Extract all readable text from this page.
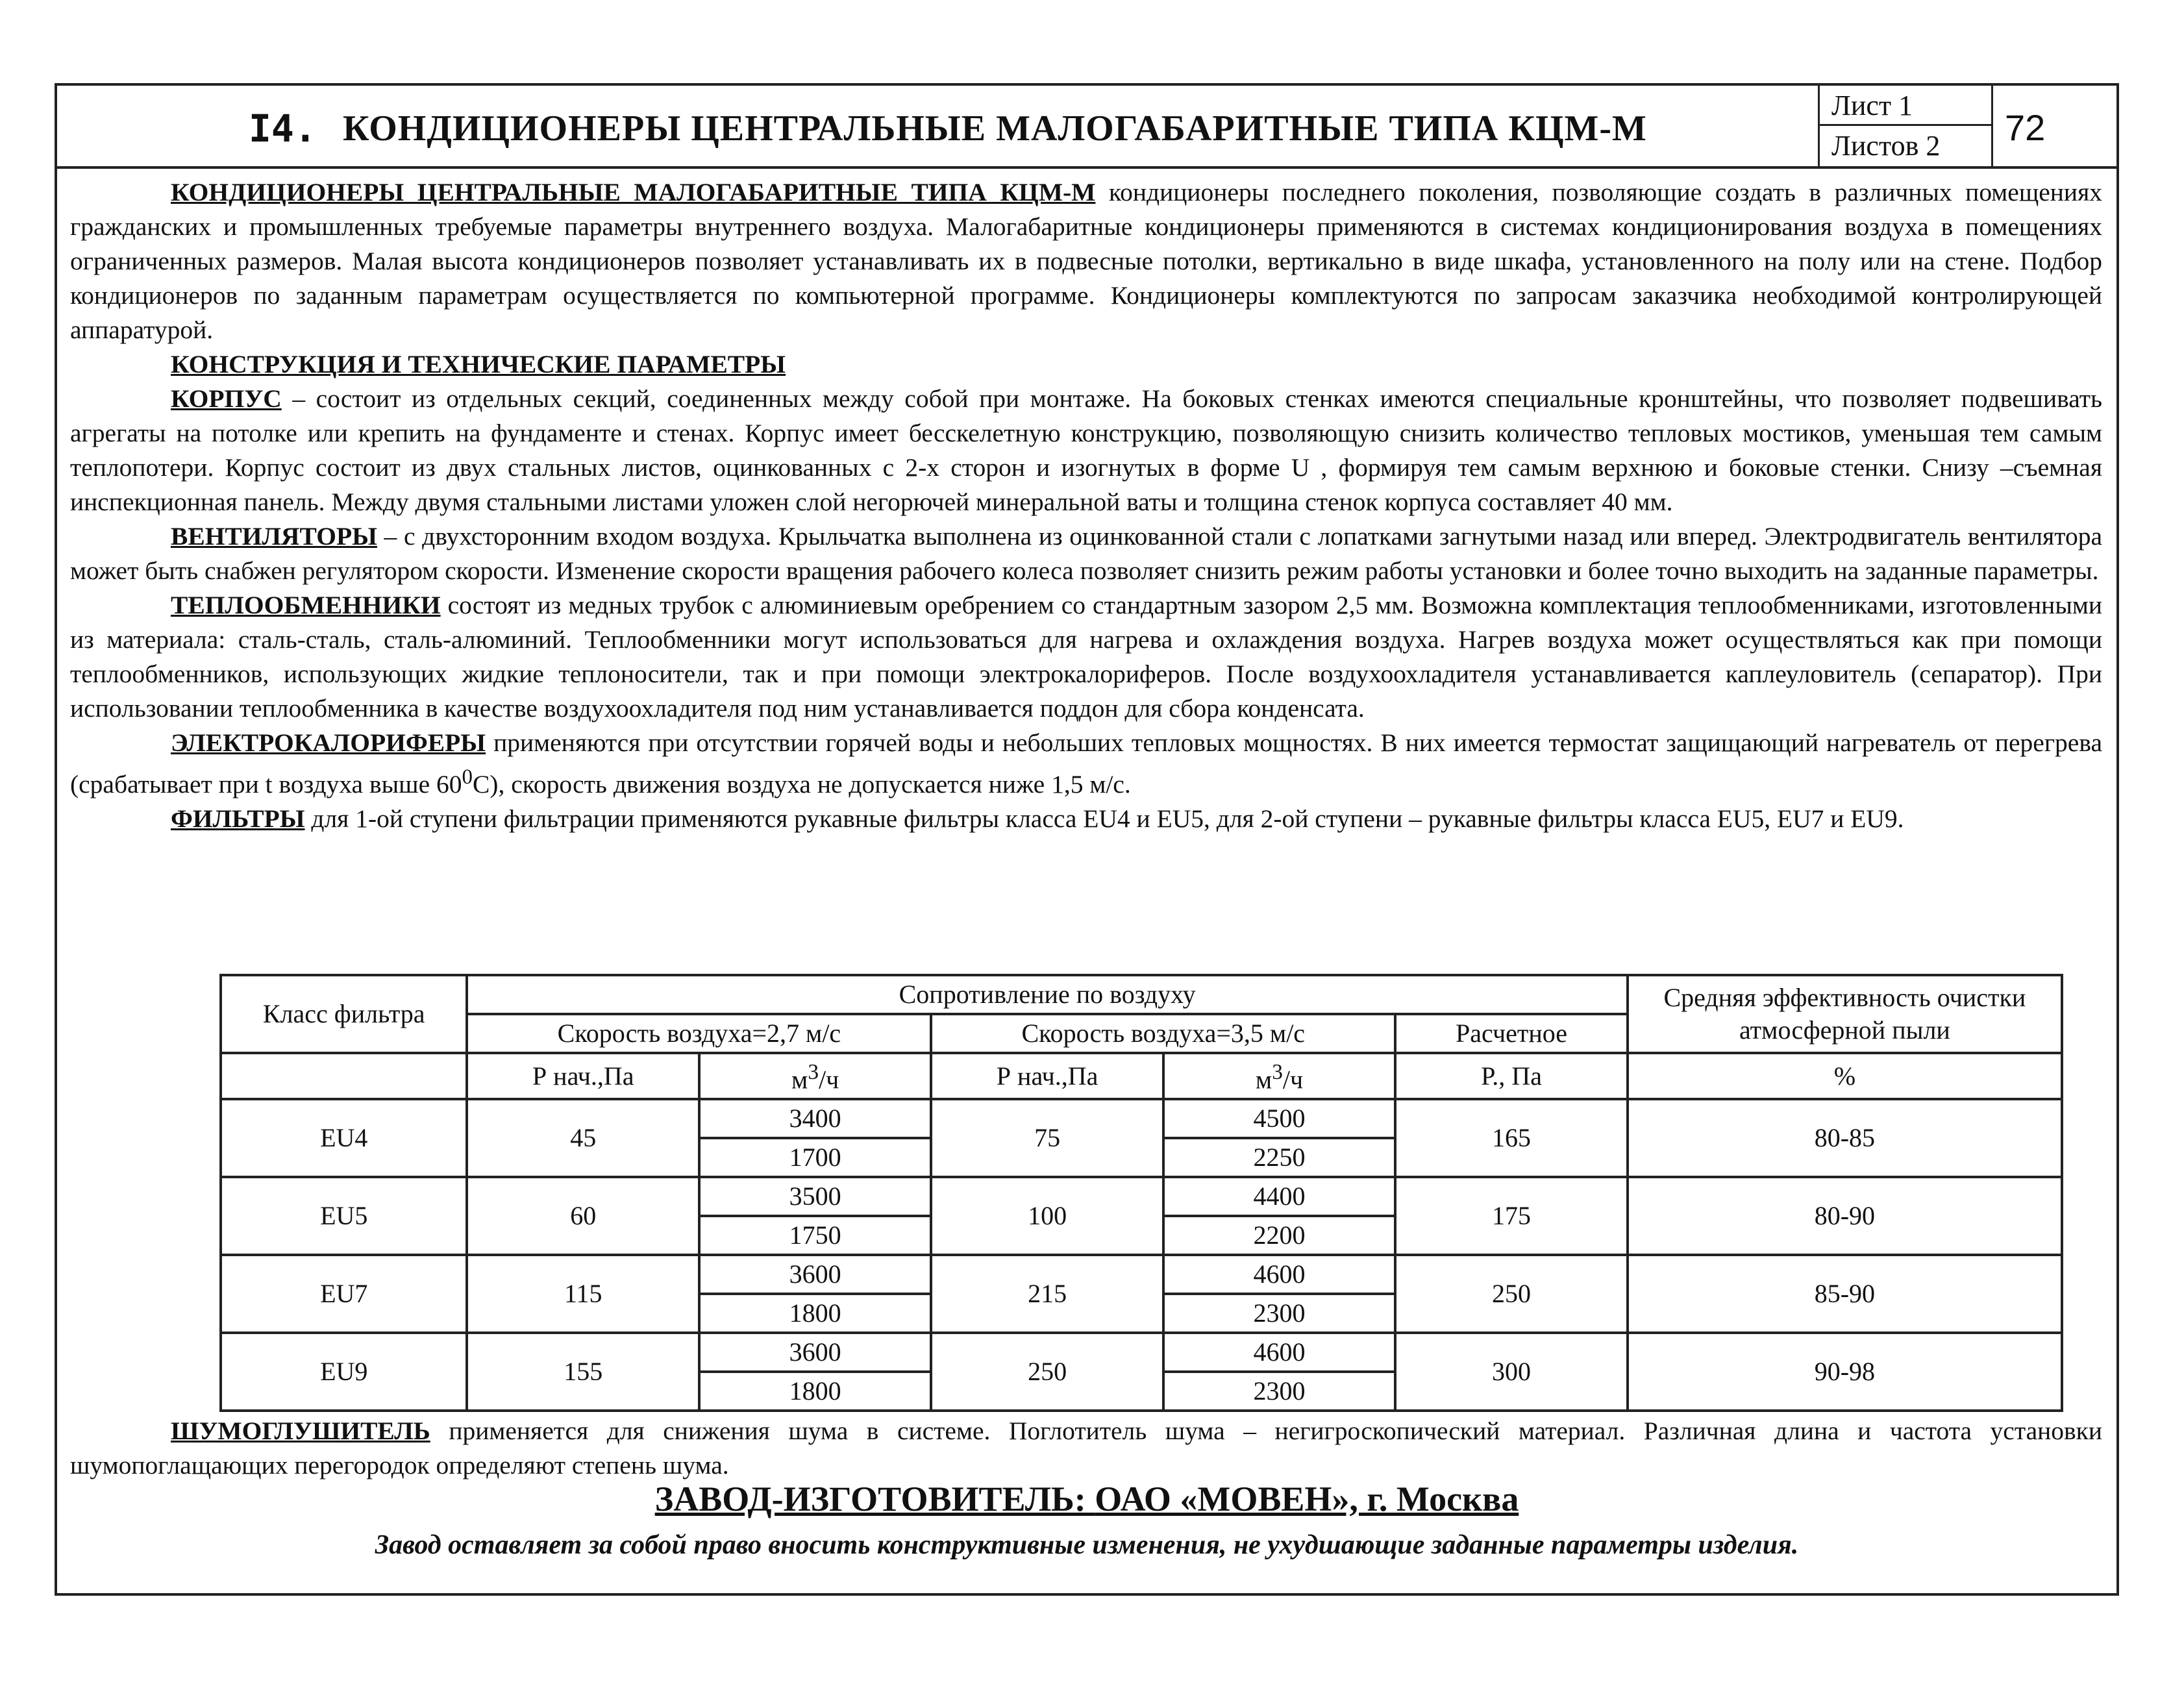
I4. КОНДИЦИОНЕРЫ ЦЕНТРАЛЬНЫЕ МАЛОГАБАРИТНЫЕ ТИПА КЦМ-М
Лист 1
Листов 2	72

КОНДИЦИОНЕРЫ ЦЕНТРАЛЬНЫЕ МАЛОГАБАРИТНЫЕ ТИПА КЦМ-М кондиционеры последнего поколения, позволяющие создать в различных помещениях гражданских и промышленных требуемые параметры внутреннего воздуха. Малогабаритные кондиционеры применяются в системах кондиционирования воздуха в помещениях ограниченных размеров. Малая высота кондиционеров позволяет устанавливать их в подвесные потолки, вертикально в виде шкафа, установленного на полу или на стене. Подбор кондиционеров по заданным параметрам осуществляется по компьютерной программе. Кондиционеры комплектуются по запросам заказчика необходимой контролирующей аппаратурой.

КОНСТРУКЦИЯ И ТЕХНИЧЕСКИЕ ПАРАМЕТРЫ

КОРПУС – состоит из отдельных секций, соединенных между собой при монтаже. На боковых стенках имеются специальные кронштейны, что позволяет подвешивать агрегаты на потолке или крепить на фундаменте и стенах. Корпус имеет бесскелетную конструкцию, позволяющую снизить количество тепловых мостиков, уменьшая тем самым теплопотери. Корпус состоит из двух стальных листов, оцинкованных с 2-х сторон и изогнутых в форме U , формируя тем самым верхнюю и боковые стенки. Снизу –съемная инспекционная панель. Между двумя стальными листами уложен слой негорючей минеральной ваты и толщина стенок корпуса составляет 40 мм.

ВЕНТИЛЯТОРЫ – с двухсторонним входом воздуха. Крыльчатка выполнена из оцинкованной стали с лопатками загнутыми назад или вперед. Электродвигатель вентилятора может быть снабжен регулятором скорости. Изменение скорости вращения рабочего колеса позволяет снизить режим работы установки и более точно выходить на заданные параметры.

ТЕПЛООБМЕННИКИ состоят из медных трубок с алюминиевым оребрением со стандартным зазором 2,5 мм. Возможна комплектация теплообменниками, изготовленными из материала: сталь-сталь, сталь-алюминий. Теплообменники могут использоваться для нагрева и охлаждения воздуха. Нагрев воздуха может осуществляться как при помощи теплообменников, использующих жидкие теплоносители, так и при помощи электрокалориферов. После воздухоохладителя устанавливается каплеуловитель (сепаратор). При использовании теплообменника в качестве воздухоохладителя под ним устанавливается поддон для сбора конденсата.

ЭЛЕКТРОКАЛОРИФЕРЫ применяются при отсутствии горячей воды и небольших тепловых мощностях. В них имеется термостат защищающий нагреватель от перегрева (срабатывает при t воздуха выше $60^0С$), скорость движения воздуха не допускается ниже 1,5 м/с.

ФИЛЬТРЫ для 1-ой ступени фильтрации применяются рукавные фильтры класса EU4 и EU5, для 2-ой ступени – рукавные фильтры класса EU5, EU7 и EU9.

Класс фильтра	Сопротивление по воздуху					Средняя эффективность очистки атмосферной пыли
	Скорость воздуха=2,7 м/с		Скорость воздуха=3,5 м/с		Расчетное	
	Р нач.,Па	$м^3/ч$	Р нач.,Па	$м^3/ч$	Р., Па	%
EU4	45	3400	75	4500	165	80-85
		1700		2250		
EU5	60	3500	100	4400	175	80-90
		1750		2200		
EU7	115	3600	215	4600	250	85-90
		1800		2300		
EU9	155	3600	250	4600	300	90-98
		1800		2300		
ШУМОГЛУШИТЕЛЬ применяется для снижения шума в системе. Поглотитель шума – негигроскопический материал. Различная длина и частота установки шумопоглащающих перегородок определяют степень шума.
ЗАВОД-ИЗГОТОВИТЕЛЬ: ОАО «МОВЕН», г. Москва
Завод оставляет за собой право вносить конструктивные изменения, не ухудшающие заданные параметры изделия.
